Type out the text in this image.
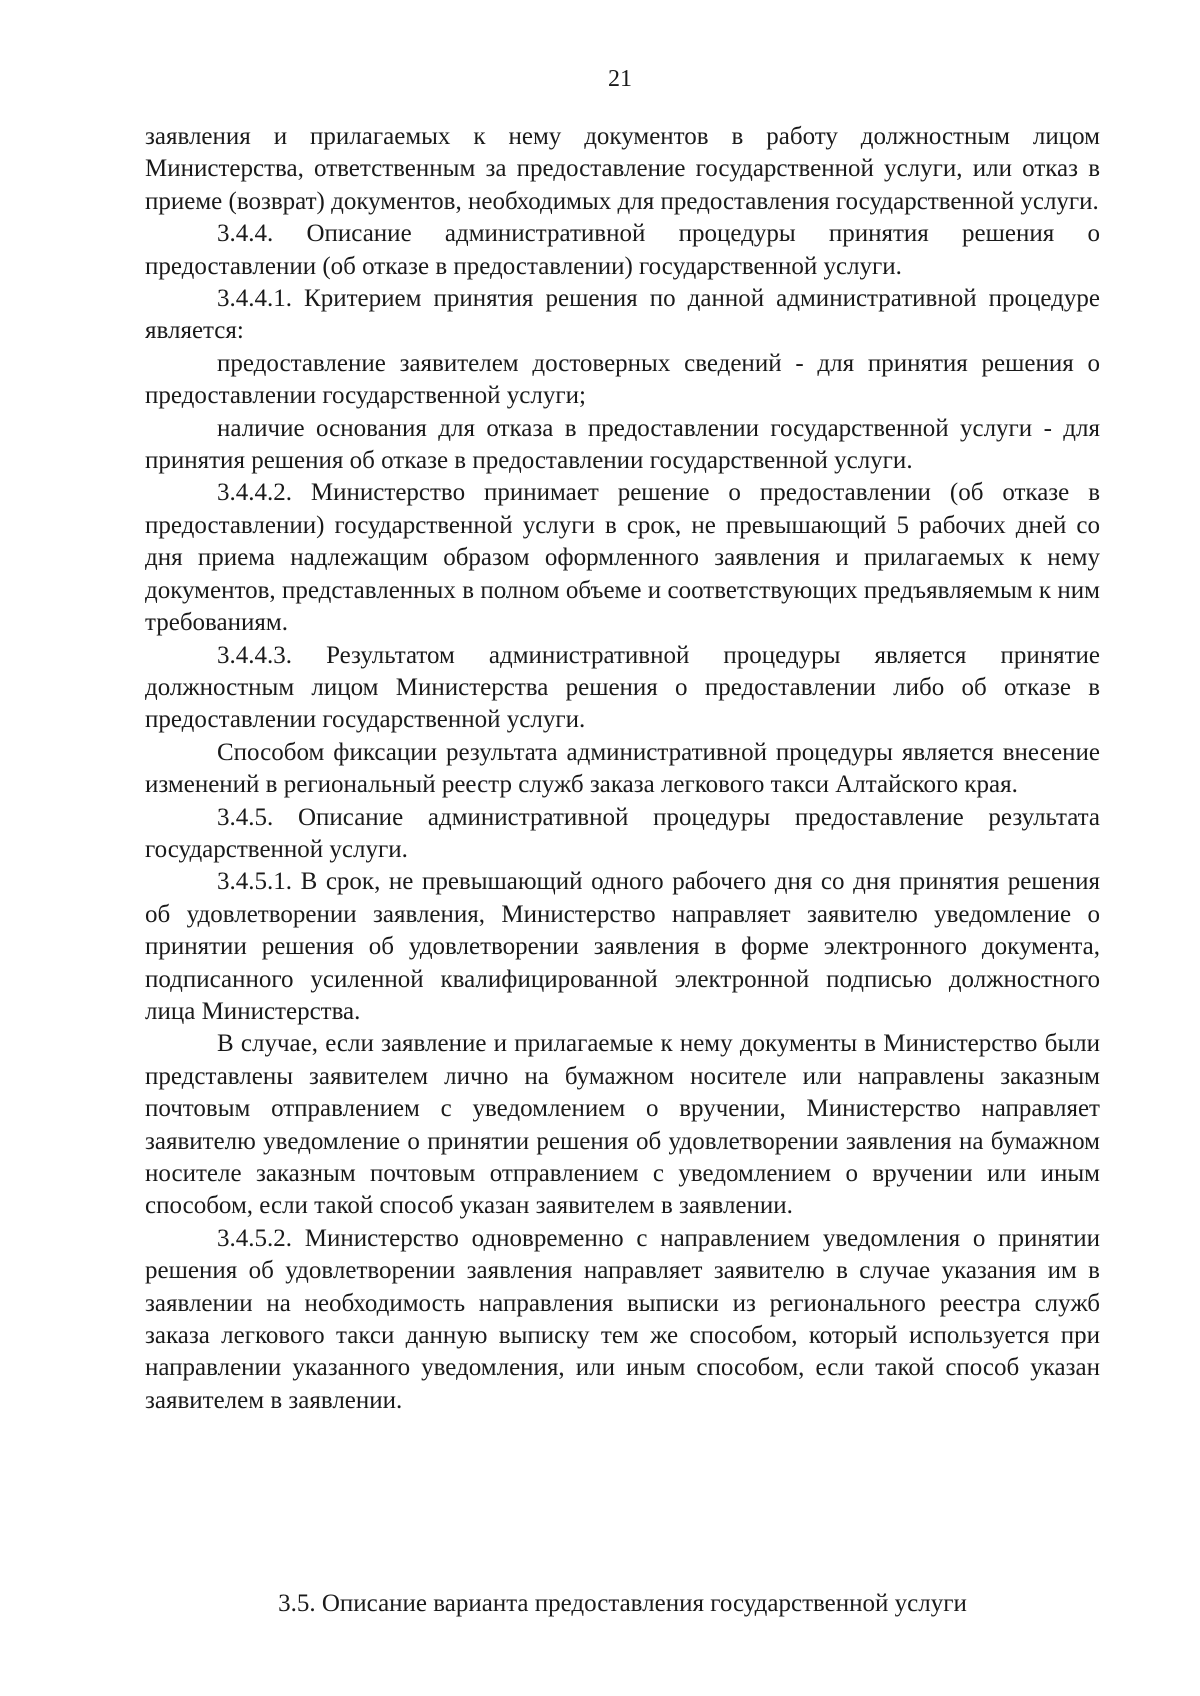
21

заявления и прилагаемых к нему документов в работу должностным лицом Министерства, ответственным за предоставление государственной услуги, или отказ в приеме (возврат) документов, необходимых для предоставления государственной услуги.

3.4.4. Описание административной процедуры принятия решения о предоставлении (об отказе в предоставлении) государственной услуги.

3.4.4.1. Критерием принятия решения по данной административной процедуре является:

предоставление заявителем достоверных сведений - для принятия решения о предоставлении государственной услуги;

наличие основания для отказа в предоставлении государственной услуги - для принятия решения об отказе в предоставлении государственной услуги.

3.4.4.2. Министерство принимает решение о предоставлении (об отказе в предоставлении) государственной услуги в срок, не превышающий 5 рабочих дней со дня приема надлежащим образом оформленного заявления и прилагаемых к нему документов, представленных в полном объеме и соответствующих предъявляемым к ним требованиям.

3.4.4.3. Результатом административной процедуры является принятие должностным лицом Министерства решения о предоставлении либо об отказе в предоставлении государственной услуги.

Способом фиксации результата административной процедуры является внесение изменений в региональный реестр служб заказа легкового такси Алтайского края.

3.4.5. Описание административной процедуры предоставление результата государственной услуги.

3.4.5.1. В срок, не превышающий одного рабочего дня со дня принятия решения об удовлетворении заявления, Министерство направляет заявителю уведомление о принятии решения об удовлетворении заявления в форме электронного документа, подписанного усиленной квалифицированной электронной подписью должностного лица Министерства.

В случае, если заявление и прилагаемые к нему документы в Министерство были представлены заявителем лично на бумажном носителе или направлены заказным почтовым отправлением с уведомлением о вручении, Министерство направляет заявителю уведомление о принятии решения об удовлетворении заявления на бумажном носителе заказным почтовым отправлением с уведомлением о вручении или иным способом, если такой способ указан заявителем в заявлении.

3.4.5.2. Министерство одновременно с направлением уведомления о принятии решения об удовлетворении заявления направляет заявителю в случае указания им в заявлении на необходимость направления выписки из регионального реестра служб заказа легкового такси данную выписку тем же способом, который используется при направлении указанного уведомления, или иным способом, если такой способ указан заявителем в заявлении.

3.5. Описание варианта предоставления государственной услуги
